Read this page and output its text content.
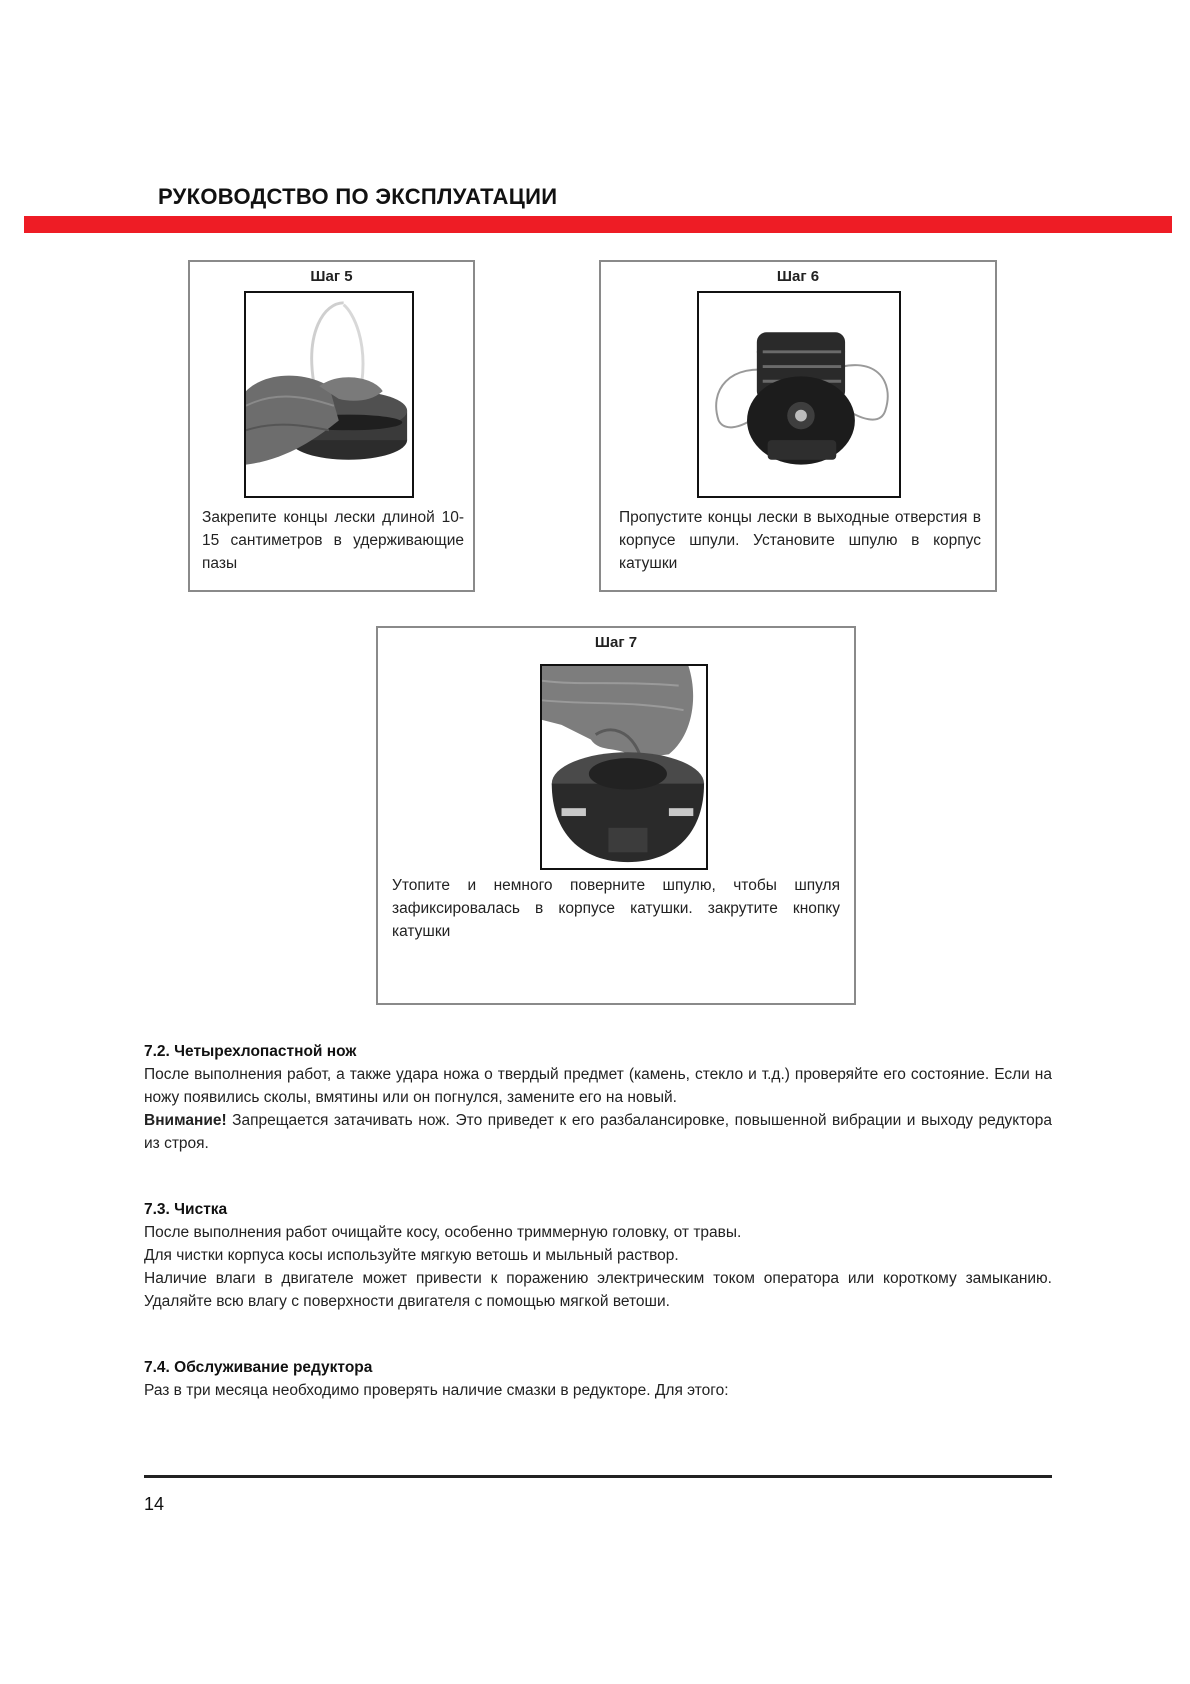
РУКОВОДСТВО ПО ЭКСПЛУАТАЦИИ
Шаг 5
Закрепите концы лески длиной 10-15 сантиметров в удерживающие пазы
Шаг 6
Пропустите концы лески в выходные отверстия в корпусе шпули. Установите шпулю в корпус катушки
Шаг 7
Утопите и немного поверните шпулю, чтобы шпуля зафиксировалась в корпусе катушки. закрутите кнопку катушки
7.2. Четырехлопастной нож

После выполнения работ, а также удара ножа о твердый предмет (камень, стекло и т.д.) проверяйте его состояние. Если на ножу появились сколы, вмятины или он погнулся, замените его на новый.

Внимание! Запрещается затачивать нож. Это приведет к его разбалансировке, повышенной вибрации и выходу редуктора из строя.

7.3. Чистка

После выполнения работ очищайте косу, особенно триммерную головку, от травы.

Для чистки корпуса косы используйте мягкую ветошь и мыльный раствор.

Наличие влаги в двигателе может привести к поражению электрическим током оператора или короткому замыканию. Удаляйте всю влагу с поверхности двигателя с помощью мягкой ветоши.

7.4. Обслуживание редуктора

Раз в три месяца необходимо проверять наличие смазки в редукторе. Для этого:

14
